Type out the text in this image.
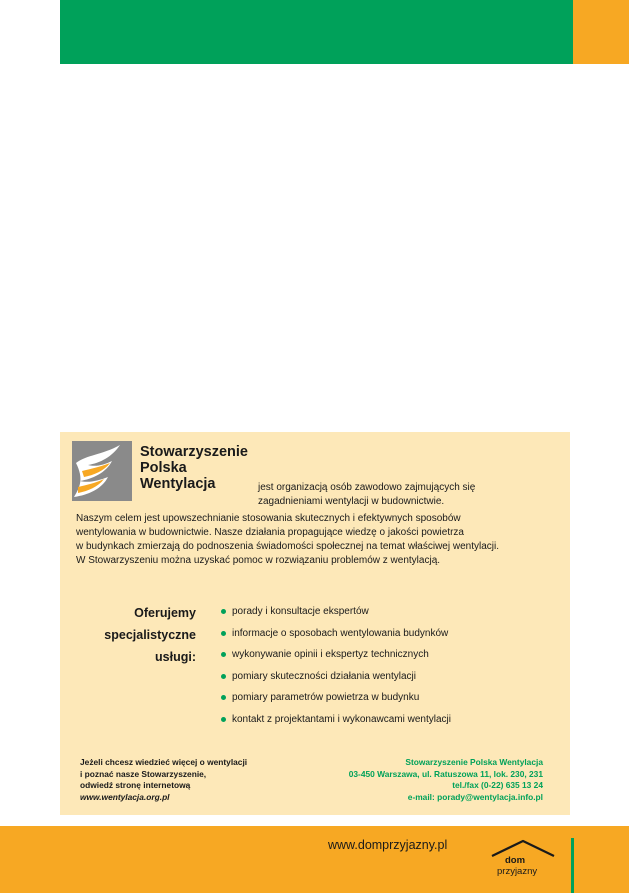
Stowarzyszenie
Polska
Wentylacja	jest organizacją osób zawodowo zajmujących się
zagadnieniami wentylacji w budownictwie.
Naszym celem jest upowszechnianie stosowania skutecznych i efektywnych sposobów
wentylowania w budownictwie. Nasze działania propagujące wiedzę o jakości powietrza
w budynkach zmierzają do podnoszenia świadomości społecznej na temat właściwej wentylacji.
W Stowarzyszeniu można uzyskać pomoc w rozwiązaniu problemów z wentylacją.
Oferujemy
specjalistyczne
usługi:
porady i konsultacje ekspertów
informacje o sposobach wentylowania budynków
wykonywanie opinii i ekspertyz technicznych
pomiary skuteczności działania wentylacji
pomiary parametrów powietrza w budynku
kontakt z projektantami i wykonawcami wentylacji
Jeżeli chcesz wiedzieć więcej o wentylacji
i poznać nasze Stowarzyszenie,
odwiedź stronę internetową
www.wentylacja.org.pl
Stowarzyszenie Polska Wentylacja
03-450 Warszawa, ul. Ratuszowa 11, lok. 230, 231
tel./fax (0-22) 635 13 24
e-mail: porady@wentylacja.info.pl
www.domprzyjazny.pl
dom
przyjazny
